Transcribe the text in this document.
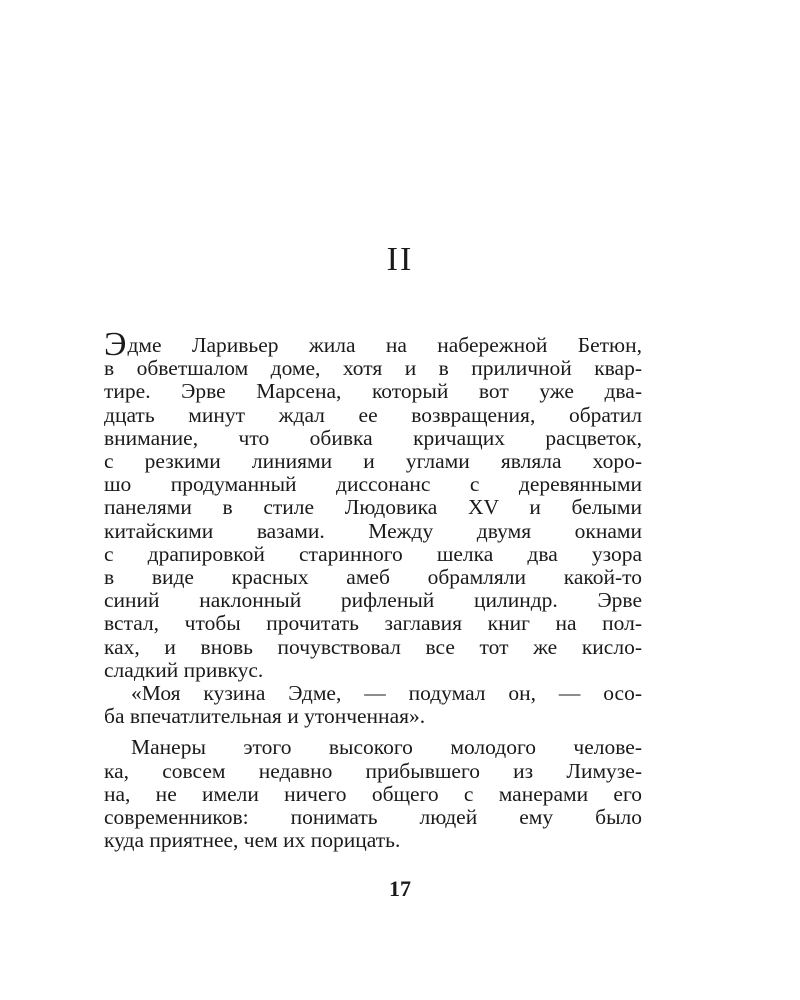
II
Эдме Ларивьер жила на набережной Бетюн,
в обветшалом доме, хотя и в приличной квар-
тире. Эрве Марсена, который вот уже два-
дцать минут ждал ее возвращения, обратил
внимание, что обивка кричащих расцветок,
с резкими линиями и углами являла хоро-
шо продуманный диссонанс с деревянными
панелями в стиле Людовика XV и белыми
китайскими вазами. Между двумя окнами
с драпировкой старинного шелка два узора
в виде красных амеб обрамляли какой-то
синий наклонный рифленый цилиндр. Эрве
встал, чтобы прочитать заглавия книг на пол-
ках, и вновь почувствовал все тот же кисло-
сладкий привкус.
«Моя кузина Эдме, — подумал он, — осо-
ба впечатлительная и утонченная».
Манеры этого высокого молодого челове-
ка, совсем недавно прибывшего из Лимузе-
на, не имели ничего общего с манерами его
современников: понимать людей ему было
куда приятнее, чем их порицать.
17
